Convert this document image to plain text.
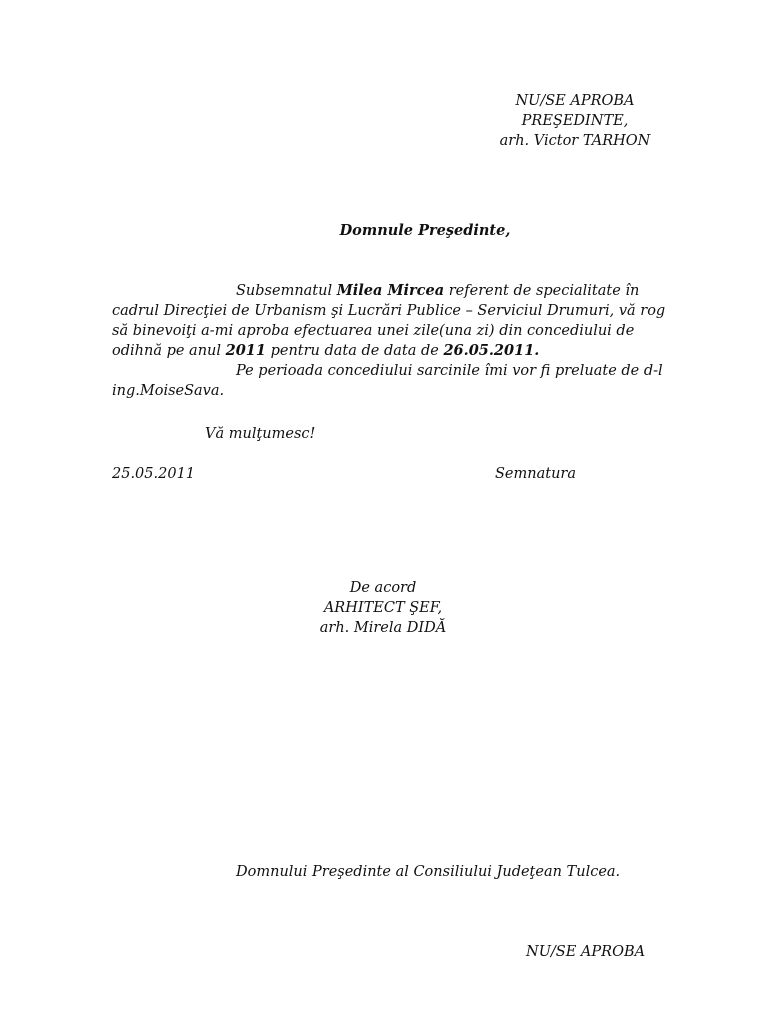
NU/SE APROBA
PREŞEDINTE,
arh. Victor TARHON
Domnule Preşedinte,
Subsemnatul Milea Mircea referent de specialitate în
cadrul Direcţiei de Urbanism şi Lucrări Publice – Serviciul Drumuri, vă rog
să binevoiţi a-mi aproba efectuarea unei zile(una zi) din concediului de
odihnă pe anul 2011 pentru data de data de 26.05.2011.
Pe perioada concediului sarcinile îmi vor fi preluate de d-l
ing.MoiseSava.
Vă mulţumesc!
25.05.2011	Semnatura
De acord
ARHITECT ŞEF,
arh. Mirela DIDĂ
Domnului Preşedinte al Consiliului Judeţean Tulcea.
NU/SE APROBA
